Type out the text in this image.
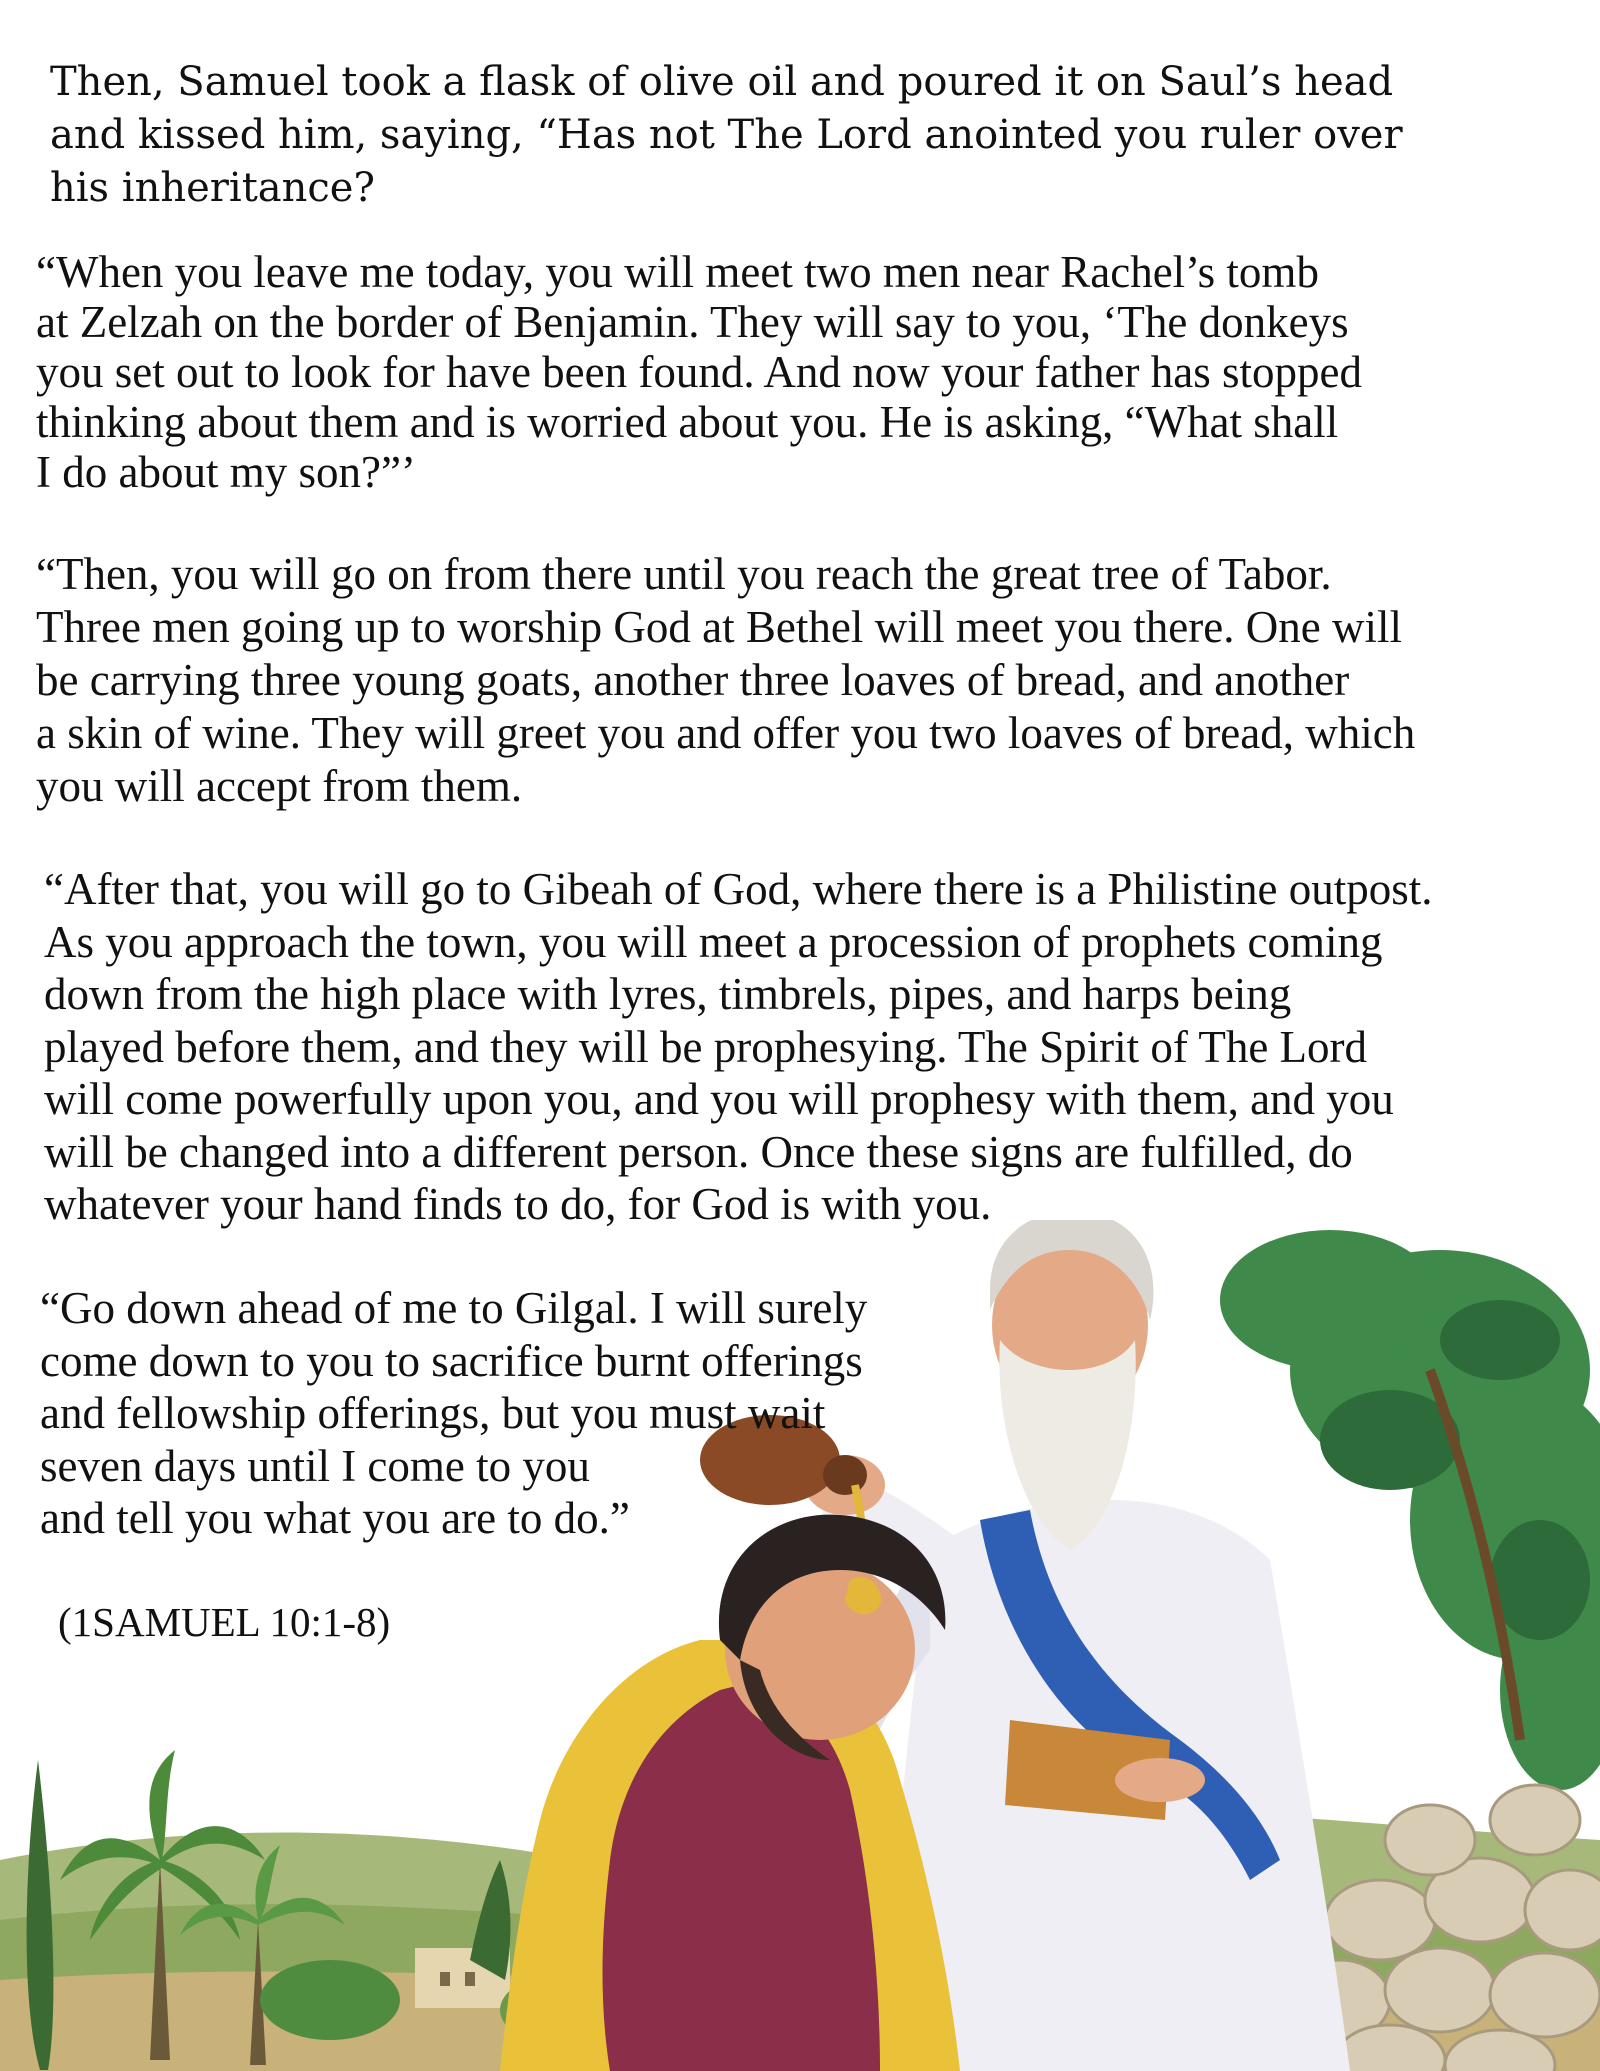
Then, Samuel took a flask of olive oil and poured it on Saul’s head
and kissed him, saying, “Has not The Lord anointed you ruler over
his inheritance?

“When you leave me today, you will meet two men near Rachel’s tomb
at Zelzah on the border of Benjamin. They will say to you, ‘The donkeys
you set out to look for have been found. And now your father has stopped
thinking about them and is worried about you. He is asking, “What shall
I do about my son?”’

“Then, you will go on from there until you reach the great tree of Tabor.
Three men going up to worship God at Bethel will meet you there. One will
be carrying three young goats, another three loaves of bread, and another
a skin of wine. They will greet you and offer you two loaves of bread, which
you will accept from them.

“After that, you will go to Gibeah of God, where there is a Philistine outpost.
As you approach the town, you will meet a procession of prophets coming
down from the high place with lyres, timbrels, pipes, and harps being
played before them, and they will be prophesying. The Spirit of The Lord
will come powerfully upon you, and you will prophesy with them, and you
will be changed into a different person. Once these signs are fulfilled, do
whatever your hand finds to do, for God is with you.

“Go down ahead of me to Gilgal. I will surely
come down to you to sacrifice burnt offerings
and fellowship offerings, but you must wait
seven days until I come to you
and tell you what you are to do.”

(1SAMUEL 10:1-8)
